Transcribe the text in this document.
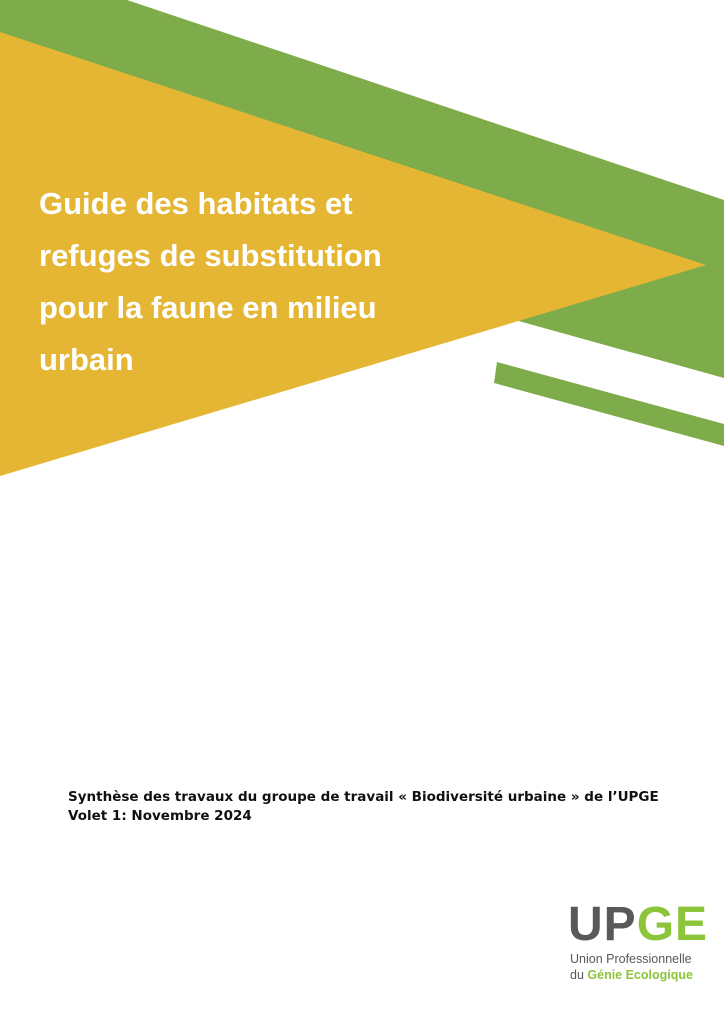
Guide des habitats et
refuges de substitution
pour la faune en milieu
urbain
Synthèse des travaux du groupe de travail « Biodiversité urbaine » de l’UPGE
Volet 1: Novembre 2024
UPGE
Union Professionnelle
du Génie Ecologique
